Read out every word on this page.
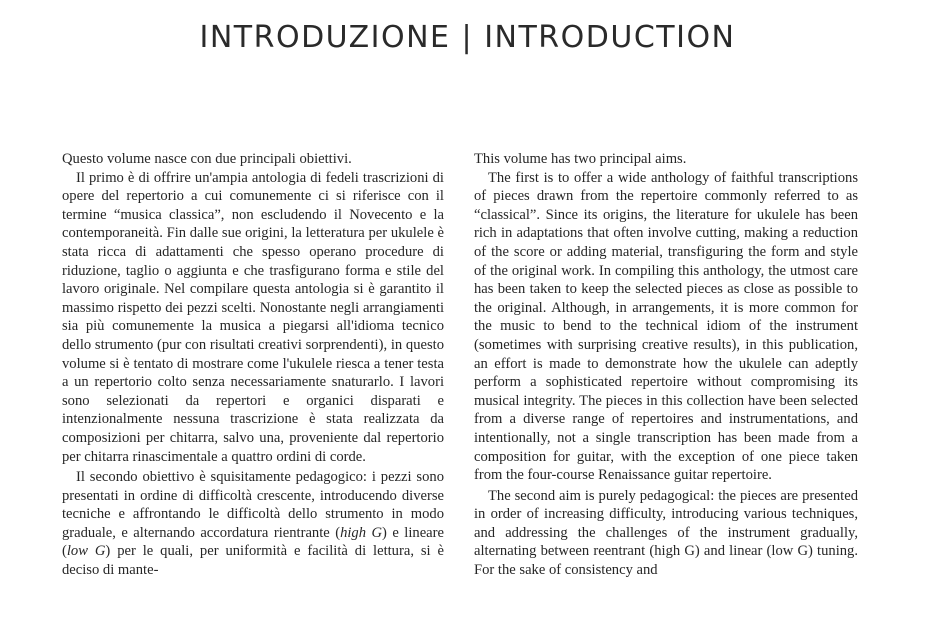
INTRODUZIONE | INTRODUCTION

Questo volume nasce con due principali obiettivi.

Il primo è di offrire un'ampia antologia di fedeli trascrizioni di opere del repertorio a cui comunemente ci si riferisce con il termine “musica classica”, non escludendo il Novecento e la contemporaneità. Fin dalle sue origini, la letteratura per ukulele è stata ricca di adattamenti che spesso operano procedure di riduzione, taglio o aggiunta e che trasfigurano forma e stile del lavoro originale. Nel compilare questa antologia si è garantito il massimo rispetto dei pezzi scelti. Nonostante negli arrangiamenti sia più comunemente la musica a piegarsi all'idioma tecnico dello strumento (pur con risultati creativi sorprendenti), in questo volume si è tentato di mostrare come l'ukulele riesca a tener testa a un repertorio colto senza necessariamente snaturarlo. I lavori sono selezionati da repertori e organici disparati e intenzionalmente nessuna trascrizione è stata realizzata da composizioni per chitarra, salvo una, proveniente dal repertorio per chitarra rinascimentale a quattro ordini di corde.

Il secondo obiettivo è squisitamente pedagogico: i pezzi sono presentati in ordine di difficoltà crescente, introducendo diverse tecniche e affrontando le difficoltà dello strumento in modo graduale, e alternando accordatura rientrante (high G) e lineare (low G) per le quali, per uniformità e facilità di lettura, si è deciso di mante-

This volume has two principal aims.

The first is to offer a wide anthology of faithful transcriptions of pieces drawn from the repertoire commonly referred to as “classical”. Since its origins, the literature for ukulele has been rich in adaptations that often involve cutting, making a reduction of the score or adding material, transfiguring the form and style of the original work. In compiling this anthology, the utmost care has been taken to keep the selected pieces as close as possible to the original. Although, in arrangements, it is more common for the music to bend to the technical idiom of the instrument (sometimes with surprising creative results), in this publication, an effort is made to demonstrate how the ukulele can adeptly perform a sophisticated repertoire without compromising its musical integrity. The pieces in this collection have been selected from a diverse range of repertoires and instrumentations, and intentionally, not a single transcription has been made from a composition for guitar, with the exception of one piece taken from the four-course Renaissance guitar repertoire.

The second aim is purely pedagogical: the pieces are presented in order of increasing difficulty, introducing various techniques, and addressing the challenges of the instrument gradually, alternating between reentrant (high G) and linear (low G) tuning. For the sake of consistency and
